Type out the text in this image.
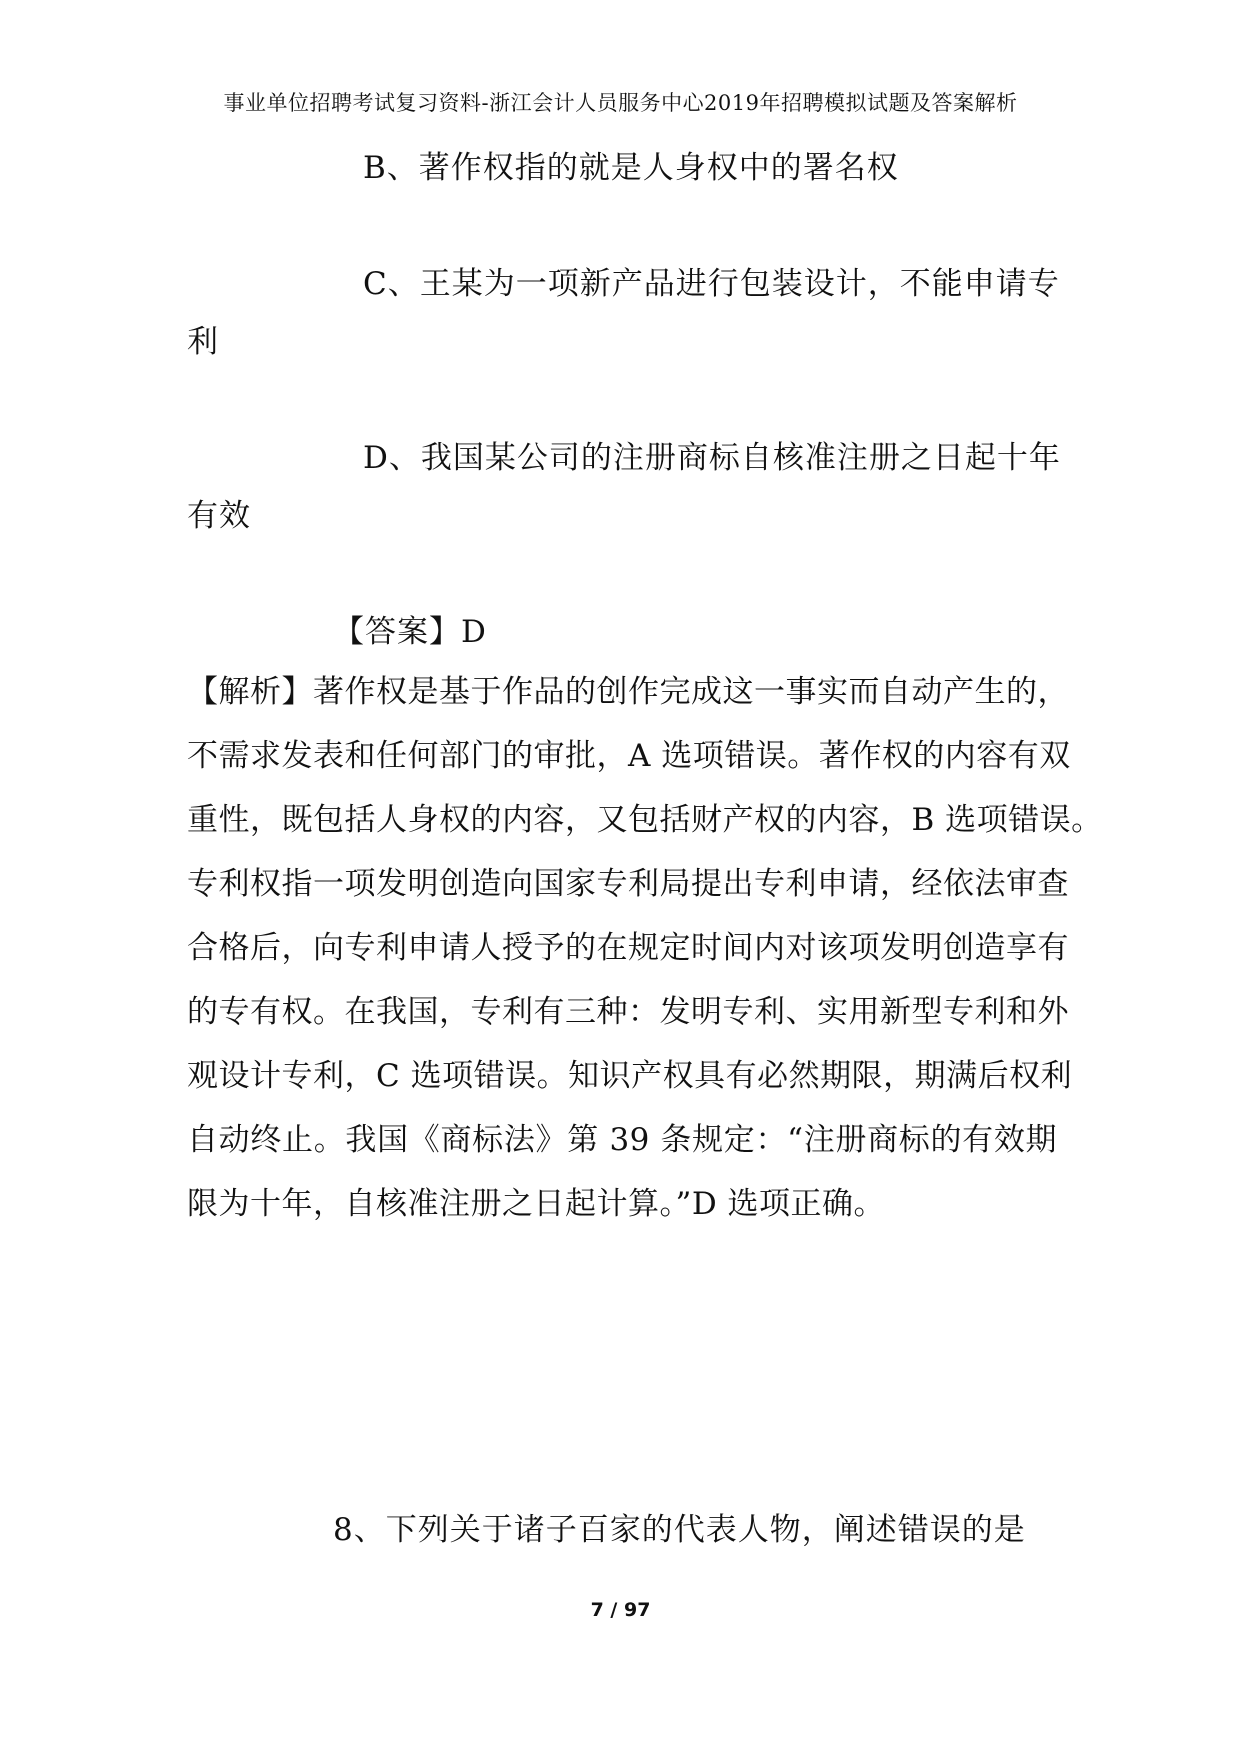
事业单位招聘考试复习资料-浙江会计人员服务中心2019年招聘模拟试题及答案解析
B、著作权指的就是人身权中的署名权
C、王某为一项新产品进行包装设计，不能申请专
利
D、我国某公司的注册商标自核准注册之日起十年
有效
【答案】D
【解析】著作权是基于作品的创作完成这一事实而自动产生的，
不需求发表和任何部门的审批，A 选项错误。著作权的内容有双
重性，既包括人身权的内容，又包括财产权的内容，B 选项错误。
专利权指一项发明创造向国家专利局提出专利申请，经依法审查
合格后，向专利申请人授予的在规定时间内对该项发明创造享有
的专有权。在我国，专利有三种：发明专利、实用新型专利和外
观设计专利，C 选项错误。知识产权具有必然期限，期满后权利
自动终止。我国《商标法》第 39 条规定：“注册商标的有效期
限为十年，自核准注册之日起计算。”D 选项正确。
8、下列关于诸子百家的代表人物，阐述错误的是
7 / 97
